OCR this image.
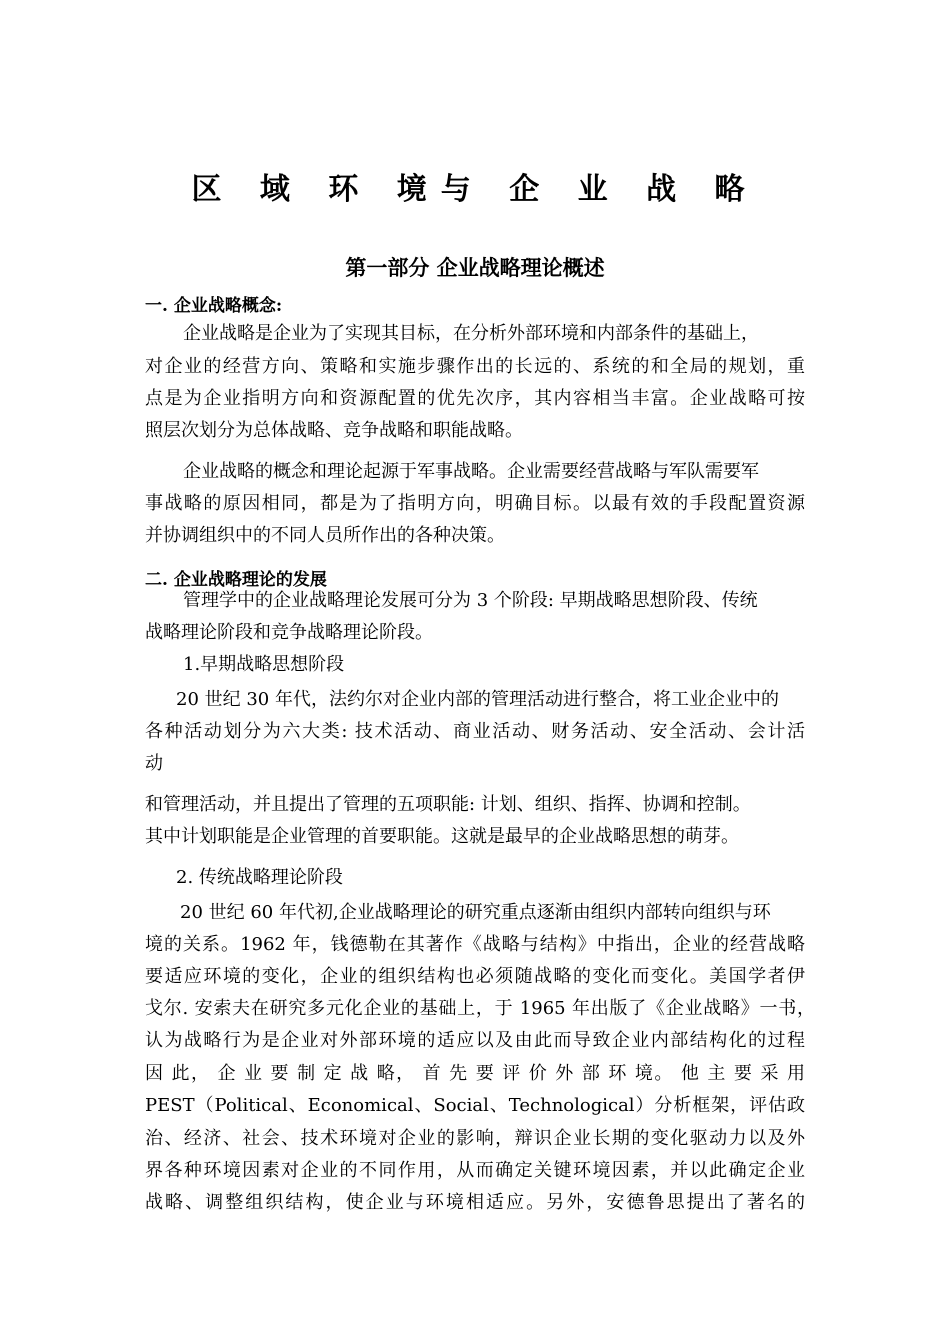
区 域 环 境与 企 业 战 略
第一部分 企业战略理论概述
一. 企业战略概念:
企业战略是企业为了实现其目标，在分析外部环境和内部条件的基础上，
对企业的经营方向、策略和实施步骤作出的长远的、系统的和全局的规划，重
点是为企业指明方向和资源配置的优先次序，其内容相当丰富。企业战略可按
照层次划分为总体战略、竞争战略和职能战略。
企业战略的概念和理论起源于军事战略。企业需要经营战略与军队需要军
事战略的原因相同，都是为了指明方向，明确目标。以最有效的手段配置资源
并协调组织中的不同人员所作出的各种决策。
二. 企业战略理论的发展
管理学中的企业战略理论发展可分为 3 个阶段: 早期战略思想阶段、传统
战略理论阶段和竞争战略理论阶段。
1.早期战略思想阶段
20 世纪 30 年代，法约尔对企业内部的管理活动进行整合，将工业企业中的
各种活动划分为六大类: 技术活动、商业活动、财务活动、安全活动、会计活
动
和管理活动，并且提出了管理的五项职能: 计划、组织、指挥、协调和控制。
其中计划职能是企业管理的首要职能。这就是最早的企业战略思想的萌芽。
2. 传统战略理论阶段
20 世纪 60 年代初,企业战略理论的研究重点逐渐由组织内部转向组织与环
境的关系。1962 年，钱德勒在其著作《战略与结构》中指出，企业的经营战略
要适应环境的变化，企业的组织结构也必须随战略的变化而变化。美国学者伊
戈尔. 安索夫在研究多元化企业的基础上，于 1965 年出版了《企业战略》一书，
认为战略行为是企业对外部环境的适应以及由此而导致企业内部结构化的过程
因 此， 企 业 要 制 定 战 略， 首 先 要 评 价 外 部 环 境。 他 主 要 采 用
PEST（Political、Economical、Social、Technological）分析框架，评估政
治、经济、社会、技术环境对企业的影响，辩识企业长期的变化驱动力以及外
界各种环境因素对企业的不同作用，从而确定关键环境因素，并以此确定企业
战略、调整组织结构，使企业与环境相适应。另外，安德鲁思提出了著名的
